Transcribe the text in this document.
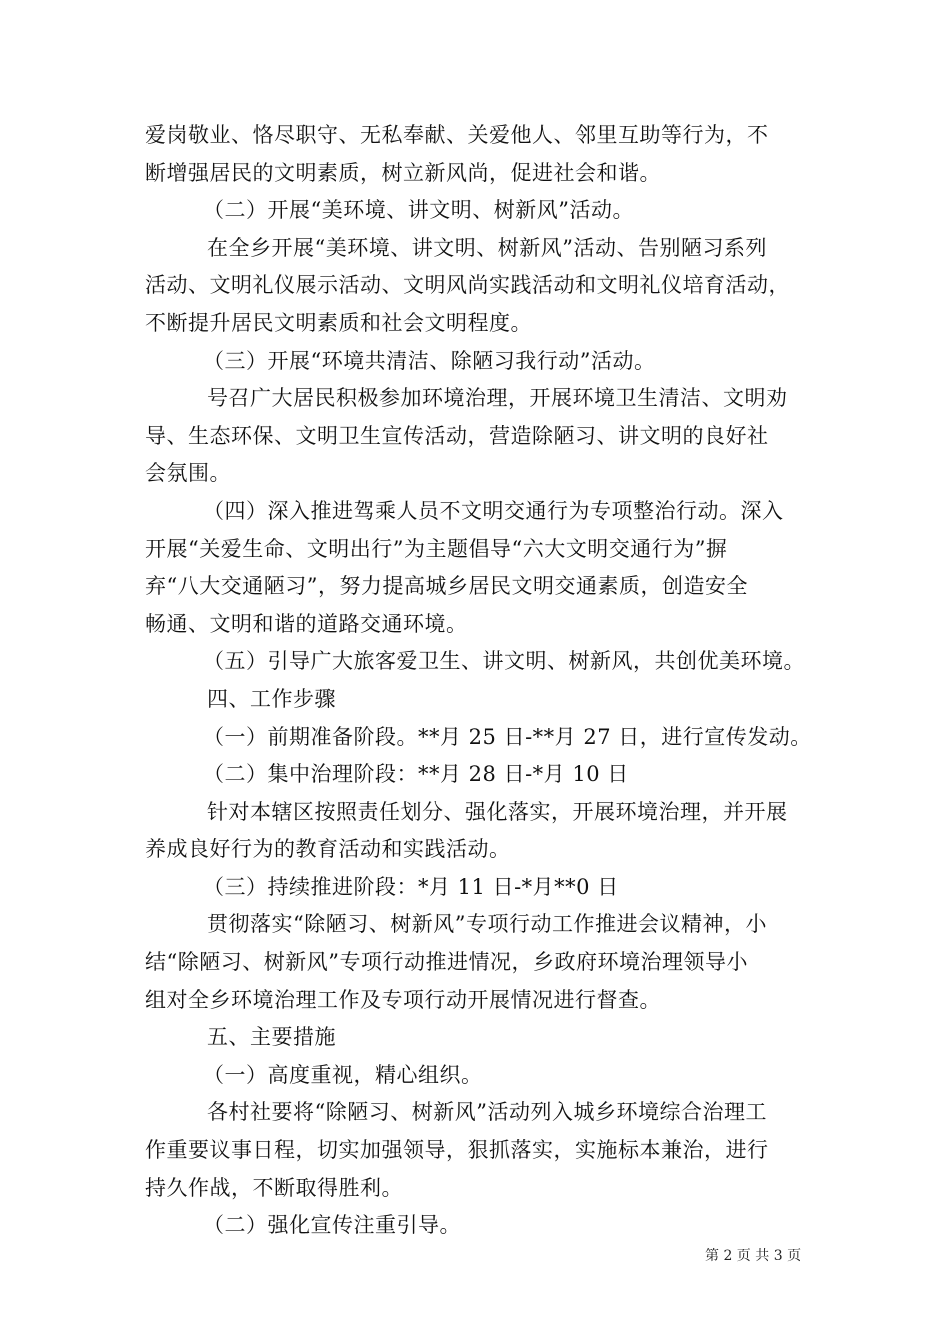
爱岗敬业、恪尽职守、无私奉献、关爱他人、邻里互助等行为，不
断增强居民的文明素质，树立新风尚，促进社会和谐。
（二）开展“美环境、讲文明、树新风”活动。
在全乡开展“美环境、讲文明、树新风”活动、告别陋习系列
活动、文明礼仪展示活动、文明风尚实践活动和文明礼仪培育活动，
不断提升居民文明素质和社会文明程度。
（三）开展“环境共清洁、除陋习我行动”活动。
号召广大居民积极参加环境治理，开展环境卫生清洁、文明劝
导、生态环保、文明卫生宣传活动，营造除陋习、讲文明的良好社
会氛围。
（四）深入推进驾乘人员不文明交通行为专项整治行动。深入
开展“关爱生命、文明出行”为主题倡导“六大文明交通行为”摒
弃“八大交通陋习”，努力提高城乡居民文明交通素质，创造安全
畅通、文明和谐的道路交通环境。
（五）引导广大旅客爱卫生、讲文明、树新风，共创优美环境。
四、工作步骤
（一）前期准备阶段。**月 25 日-**月 27 日，进行宣传发动。
（二）集中治理阶段：**月 28 日-*月 10 日
针对本辖区按照责任划分、强化落实，开展环境治理，并开展
养成良好行为的教育活动和实践活动。
（三）持续推进阶段：*月 11 日-*月**0 日
贯彻落实“除陋习、树新风”专项行动工作推进会议精神，小
结“除陋习、树新风”专项行动推进情况，乡政府环境治理领导小
组对全乡环境治理工作及专项行动开展情况进行督查。
五、主要措施
（一）高度重视，精心组织。
各村社要将“除陋习、树新风”活动列入城乡环境综合治理工
作重要议事日程，切实加强领导，狠抓落实，实施标本兼治，进行
持久作战，不断取得胜利。
（二）强化宣传注重引导。
第 2 页 共 3 页
